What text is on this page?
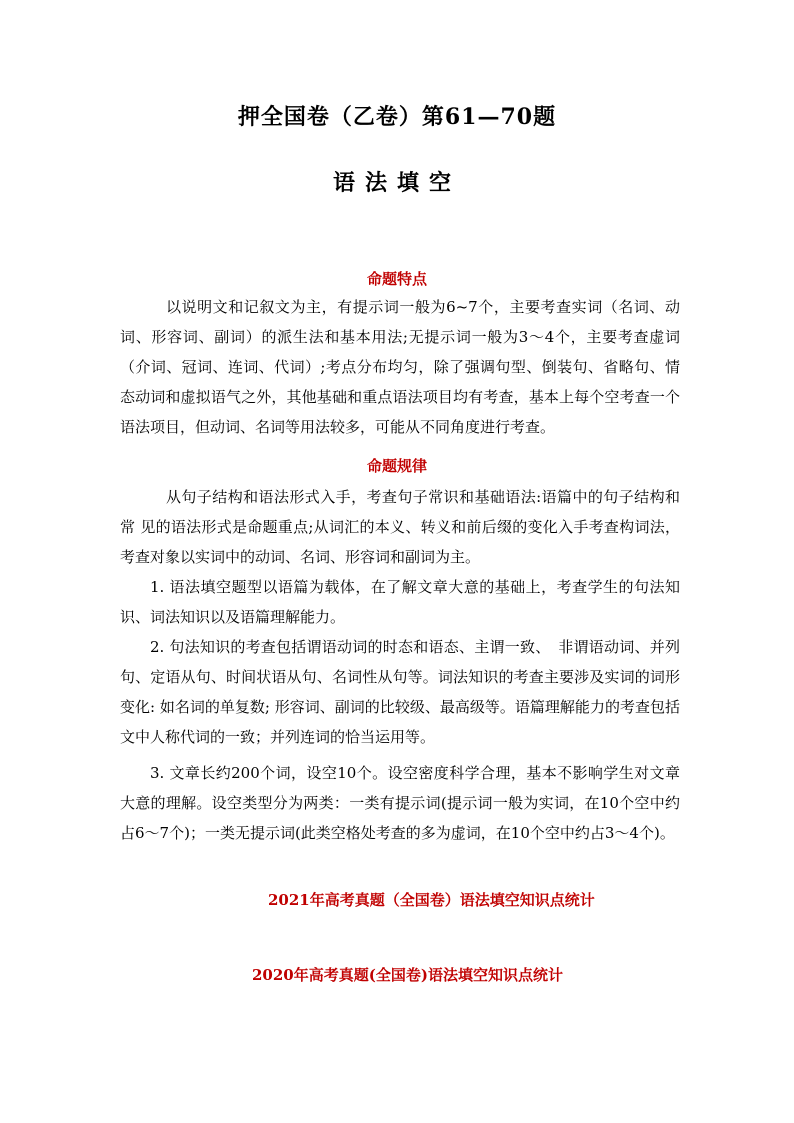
押全国卷（乙卷）第61—70题
语法填空
命题特点

以说明文和记叙文为主，有提示词一般为6~7个，主要考查实词（名词、动词、形容词、副词）的派生法和基本用法;无提示词一般为3～4个，主要考查虚词（介词、冠词、连词、代词）;考点分布均匀，除了强调句型、倒装句、省略句、情态动词和虚拟语气之外，其他基础和重点语法项目均有考查，基本上每个空考查一个语法项目，但动词、名词等用法较多，可能从不同角度进行考查。

命题规律

从句子结构和语法形式入手，考查句子常识和基础语法:语篇中的句子结构和常 见的语法形式是命题重点;从词汇的本义、转义和前后缀的变化入手考查构词法，考查对象以实词中的动词、名词、形容词和副词为主。

1. 语法填空题型以语篇为载体，在了解文章大意的基础上，考查学生的句法知识、词法知识以及语篇理解能力。

2. 句法知识的考查包括谓语动词的时态和语态、主谓一致、　非谓语动词、并列句、定语从句、时间状语从句、名词性从句等。词法知识的考查主要涉及实词的词形变化: 如名词的单复数; 形容词、副词的比较级、最高级等。语篇理解能力的考查包括文中人称代词的一致；并列连词的恰当运用等。

3. 文章长约200个词，设空10个。设空密度科学合理，基本不影响学生对文章大意的理解。设空类型分为两类：一类有提示词(提示词一般为实词，在10个空中约占6～7个)；一类无提示词(此类空格处考查的多为虚词，在10个空中约占3～4个)。

2021年高考真题（全国卷）语法填空知识点统计
2020年高考真题(全国卷)语法填空知识点统计
